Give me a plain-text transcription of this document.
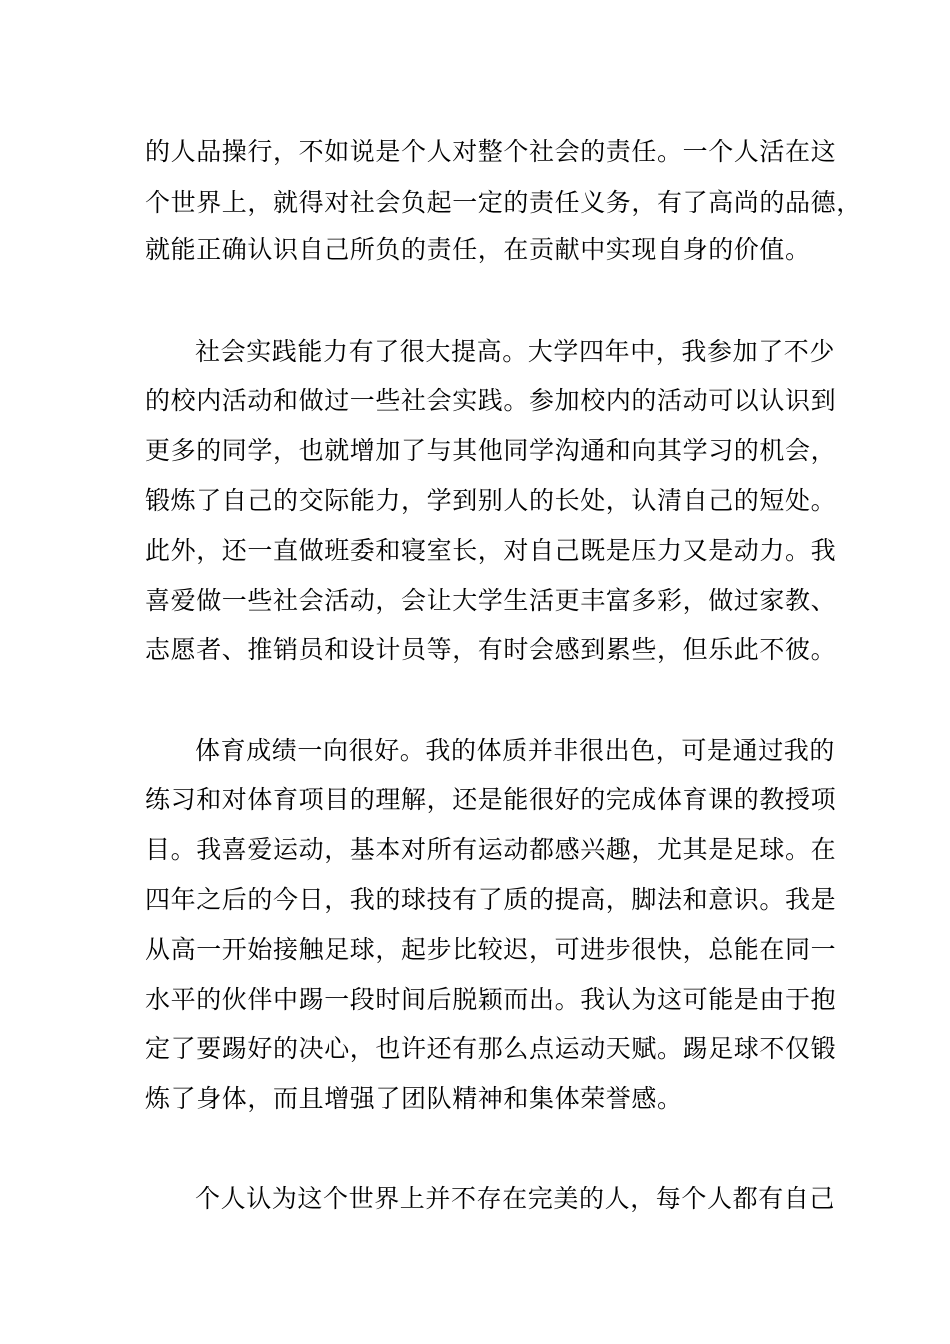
的人品操行，不如说是个人对整个社会的责任。一个人活在这
个世界上，就得对社会负起一定的责任义务，有了高尚的品德，
就能正确认识自己所负的责任，在贡献中实现自身的价值。
社会实践能力有了很大提高。大学四年中，我参加了不少
的校内活动和做过一些社会实践。参加校内的活动可以认识到
更多的同学，也就增加了与其他同学沟通和向其学习的机会，
锻炼了自己的交际能力，学到别人的长处，认清自己的短处。
此外，还一直做班委和寝室长，对自己既是压力又是动力。我
喜爱做一些社会活动，会让大学生活更丰富多彩，做过家教、
志愿者、推销员和设计员等，有时会感到累些，但乐此不彼。
体育成绩一向很好。我的体质并非很出色，可是通过我的
练习和对体育项目的理解，还是能很好的完成体育课的教授项
目。我喜爱运动，基本对所有运动都感兴趣，尤其是足球。在
四年之后的今日，我的球技有了质的提高，脚法和意识。我是
从高一开始接触足球，起步比较迟，可进步很快，总能在同一
水平的伙伴中踢一段时间后脱颖而出。我认为这可能是由于抱
定了要踢好的决心，也许还有那么点运动天赋。踢足球不仅锻
炼了身体，而且增强了团队精神和集体荣誉感。
个人认为这个世界上并不存在完美的人，每个人都有自己
